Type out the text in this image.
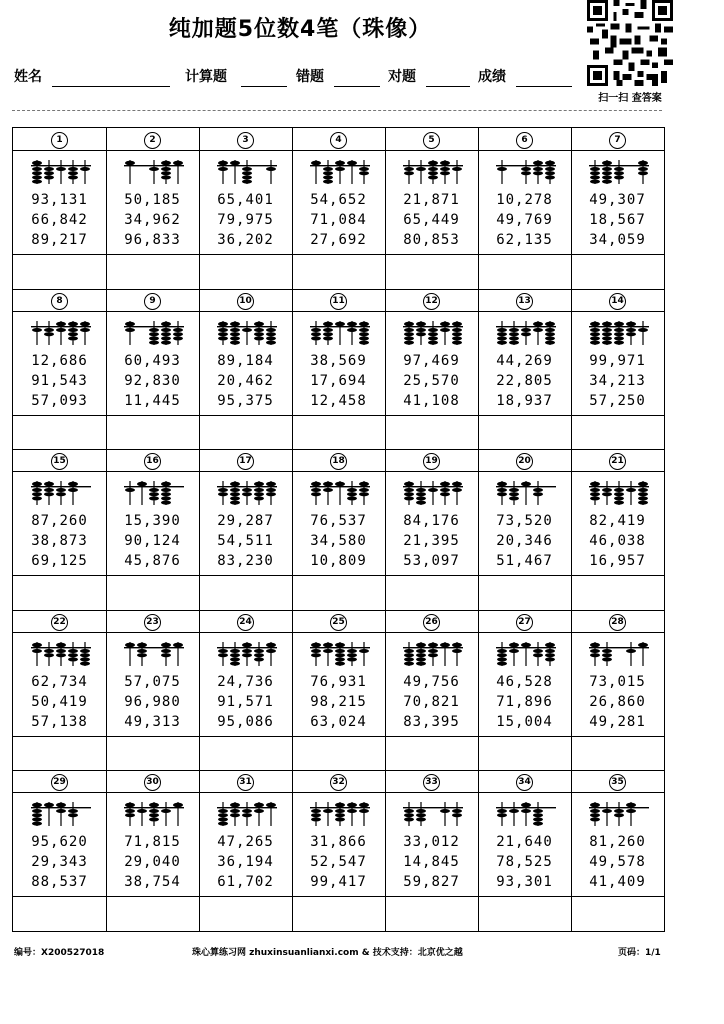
纯加题5位数4笔（珠像）
扫一扫 查答案
姓名	计算题	错题	对题	成绩
1
93,131
66,842
89,217
2
50,185
34,962
96,833
3
65,401
79,975
36,202
4
54,652
71,084
27,692
5
21,871
65,449
80,853
6
10,278
49,769
62,135
7
49,307
18,567
34,059
8
12,686
91,543
57,093
9
60,493
92,830
11,445
10
89,184
20,462
95,375
11
38,569
17,694
12,458
12
97,469
25,570
41,108
13
44,269
22,805
18,937
14
99,971
34,213
57,250
15
87,260
38,873
69,125
16
15,390
90,124
45,876
17
29,287
54,511
83,230
18
76,537
34,580
10,809
19
84,176
21,395
53,097
20
73,520
20,346
51,467
21
82,419
46,038
16,957
22
62,734
50,419
57,138
23
57,075
96,980
49,313
24
24,736
91,571
95,086
25
76,931
98,215
63,024
26
49,756
70,821
83,395
27
46,528
71,896
15,004
28
73,015
26,860
49,281
29
95,620
29,343
88,537
30
71,815
29,040
38,754
31
47,265
36,194
61,702
32
31,866
52,547
99,417
33
33,012
14,845
59,827
34
21,640
78,525
93,301
35
81,260
49,578
41,409
编号：X200527018	珠心算练习网 zhuxinsuanlianxi.com & 技术支持：北京优之越	页码：1/1
